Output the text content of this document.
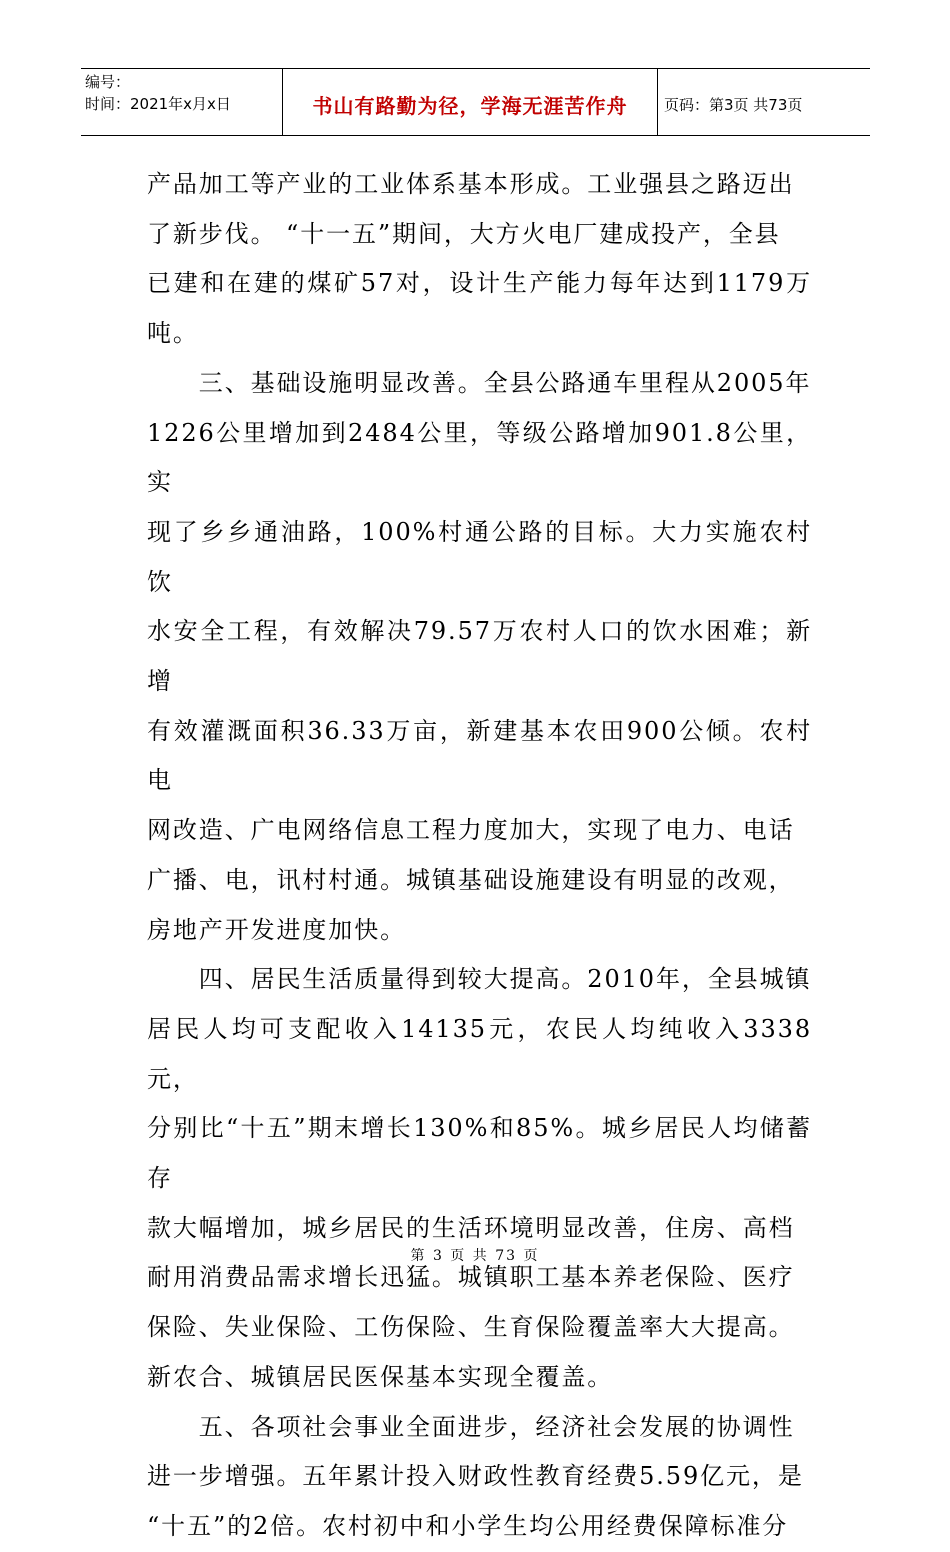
编号：
时间：2021年x月x日	书山有路勤为径，学海无涯苦作舟 页码：第3页 共73页

产品加工等产业的工业体系基本形成。工业强县之路迈出

了新步伐。 “十一五”期间，大方火电厂建成投产，全县

已建和在建的煤矿57对，设计生产能力每年达到1179万吨。

　　三、基础设施明显改善。全县公路通车里程从2005年

1226公里增加到2484公里，等级公路增加901.8公里，实

现了乡乡通油路，100%村通公路的目标。大力实施农村饮

水安全工程，有效解决79.57万农村人口的饮水困难；新增

有效灌溉面积36.33万亩，新建基本农田900公倾。农村电

网改造、广电网络信息工程力度加大，实现了电力、电话

广播、电，讯村村通。城镇基础设施建设有明显的改观，

房地产开发进度加快。

　　四、居民生活质量得到较大提高。2010年，全县城镇

居民人均可支配收入14135元，农民人均纯收入3338元，

分别比“十五”期末增长130%和85%。城乡居民人均储蓄存

款大幅增加，城乡居民的生活环境明显改善，住房、高档

耐用消费品需求增长迅猛。城镇职工基本养老保险、医疗

保险、失业保险、工伤保险、生育保险覆盖率大大提高。

新农合、城镇居民医保基本实现全覆盖。

　　五、各项社会事业全面进步，经济社会发展的协调性

进一步增强。五年累计投入财政性教育经费5.59亿元，是

“十五”的2倍。农村初中和小学生均公用经费保障标准分

第 3 页 共 73 页
